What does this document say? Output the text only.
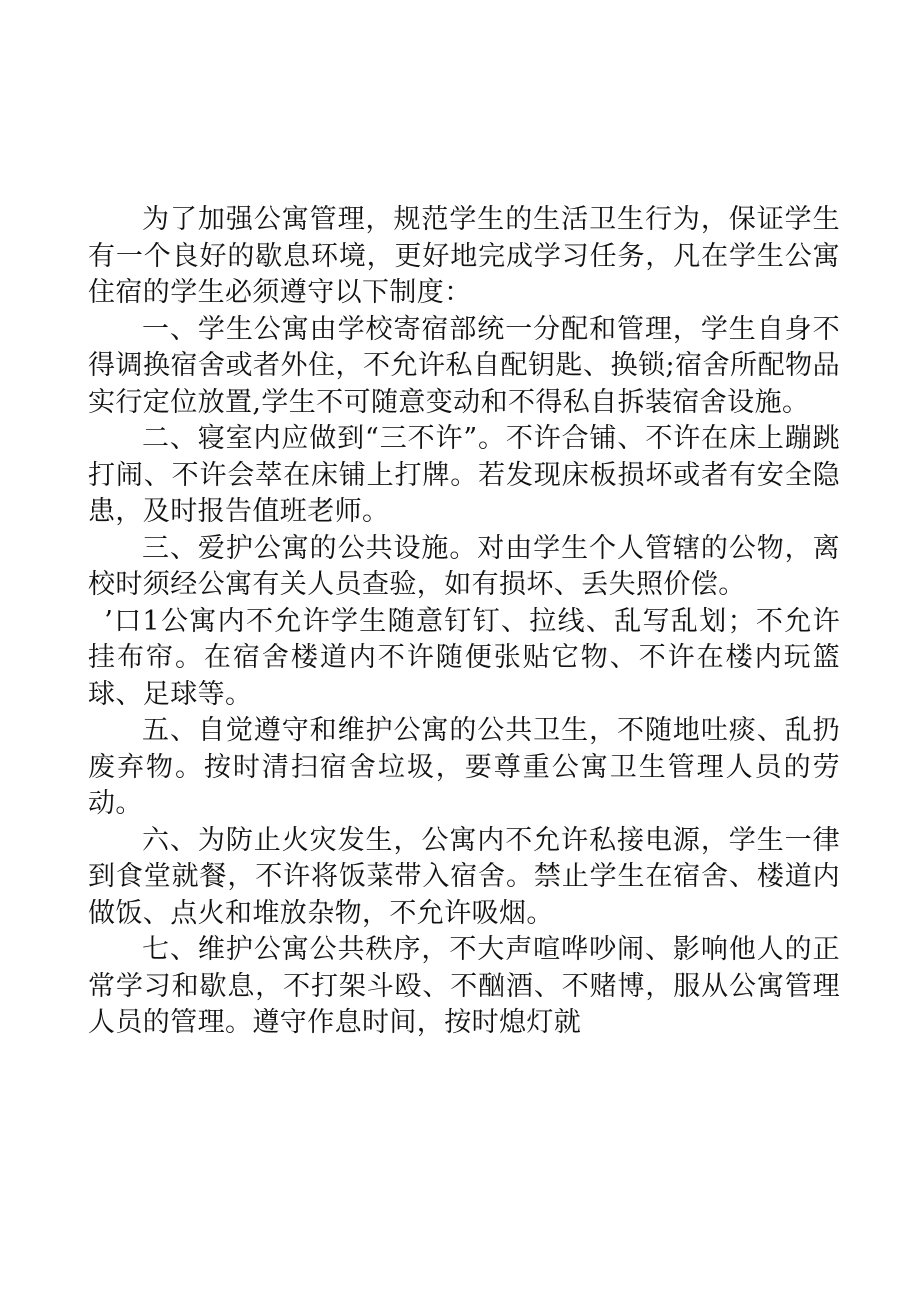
为了加强公寓管理，规范学生的生活卫生行为，保证学生有一个良好的歇息环境，更好地完成学习任务，凡在学生公寓住宿的学生必须遵守以下制度：

一、学生公寓由学校寄宿部统一分配和管理，学生自身不得调换宿舍或者外住，不允许私自配钥匙、换锁;宿舍所配物品实行定位放置,学生不可随意变动和不得私自拆装宿舍设施。

二、寝室内应做到“三不许”。不许合铺、不许在床上蹦跳打闹、不许会萃在床铺上打牌。若发现床板损坏或者有安全隐患，及时报告值班老师。

三、爱护公寓的公共设施。对由学生个人管辖的公物，离校时须经公寓有关人员查验，如有损坏、丢失照价偿。

’口1公寓内不允许学生随意钉钉、拉线、乱写乱划；不允许挂布帘。在宿舍楼道内不许随便张贴它物、不许在楼内玩篮球、足球等。

五、自觉遵守和维护公寓的公共卫生，不随地吐痰、乱扔废弃物。按时清扫宿舍垃圾，要尊重公寓卫生管理人员的劳动。

六、为防止火灾发生，公寓内不允许私接电源，学生一律到食堂就餐，不许将饭菜带入宿舍。禁止学生在宿舍、楼道内做饭、点火和堆放杂物，不允许吸烟。

七、维护公寓公共秩序，不大声喧哗吵闹、影响他人的正常学习和歇息，不打架斗殴、不酗酒、不赌博，服从公寓管理人员的管理。遵守作息时间，按时熄灯就
